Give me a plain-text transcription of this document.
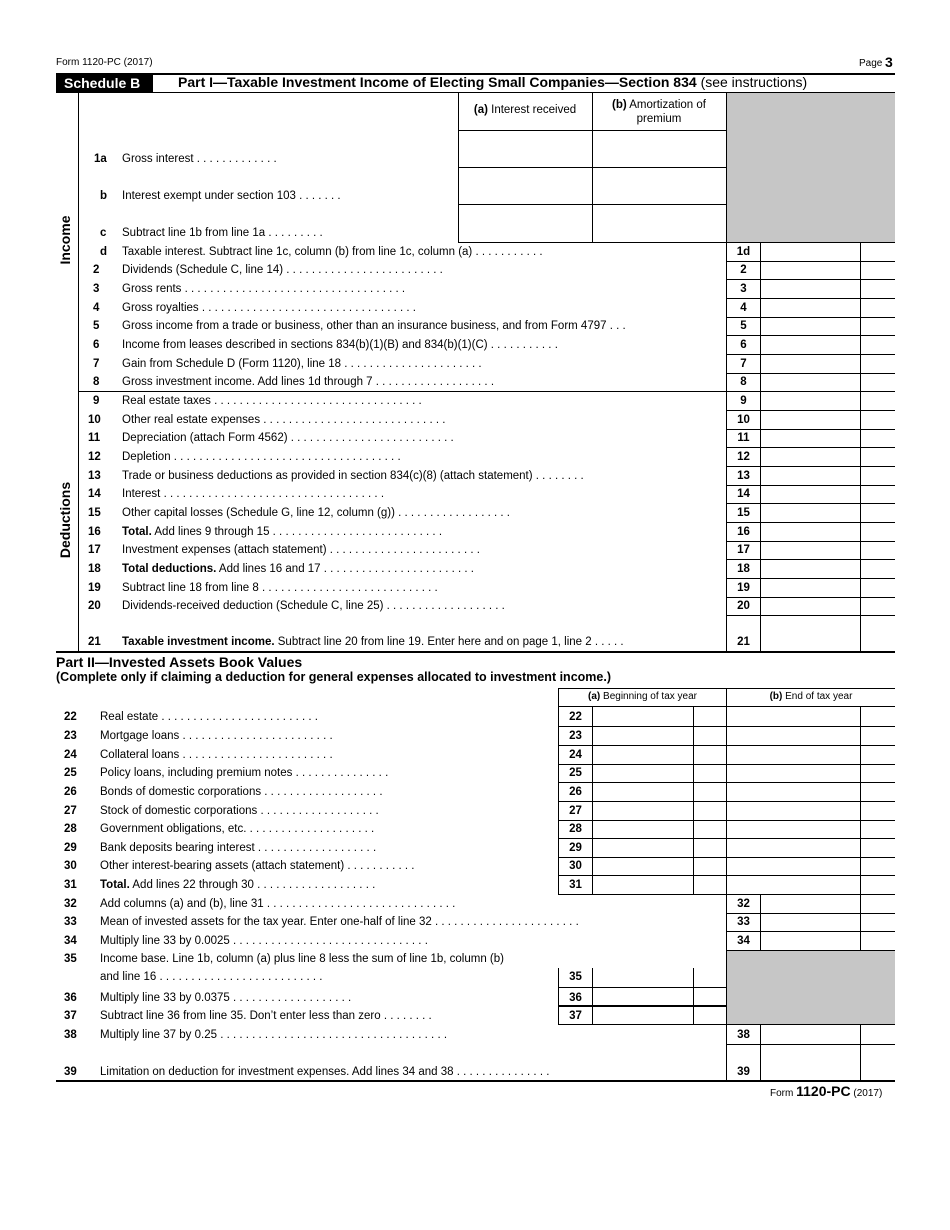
Form 1120-PC (2017)	Page 3
Schedule B	Part I—Taxable Investment Income of Electing Small Companies—Section 834 (see instructions)
(a) Interest received	(b) Amortization of premium
Income
Deductions
1a Gross interest . . . . . . . . . . . . .
b Interest exempt under section 103 . . . . . . .
c Subtract line 1b from line 1a . . . . . . . . .
d Taxable interest. Subtract line 1c, column (b) from line 1c, column (a) . . . . . . . . . . .	1d
2 Dividends (Schedule C, line 14) . . . . . . . . . . . . . . . . . . . . . . . . .	2
3 Gross rents . . . . . . . . . . . . . . . . . . . . . . . . . . . . . . . . . . .	3
4 Gross royalties . . . . . . . . . . . . . . . . . . . . . . . . . . . . . . . . . .	4
5 Gross income from a trade or business, other than an insurance business, and from Form 4797 . . .	5
6 Income from leases described in sections 834(b)(1)(B) and 834(b)(1)(C) . . . . . . . . . . .	6
7 Gain from Schedule D (Form 1120), line 18 . . . . . . . . . . . . . . . . . . . . . .	7
8 Gross investment income. Add lines 1d through 7 . . . . . . . . . . . . . . . . . . .	8
9 Real estate taxes . . . . . . . . . . . . . . . . . . . . . . . . . . . . . . . . .	9
10 Other real estate expenses . . . . . . . . . . . . . . . . . . . . . . . . . . . . .	10
11 Depreciation (attach Form 4562) . . . . . . . . . . . . . . . . . . . . . . . . . .	11
12 Depletion . . . . . . . . . . . . . . . . . . . . . . . . . . . . . . . . . . . .	12
13 Trade or business deductions as provided in section 834(c)(8) (attach statement) . . . . . . . .	13
14 Interest . . . . . . . . . . . . . . . . . . . . . . . . . . . . . . . . . . .	14
15 Other capital losses (Schedule G, line 12, column (g)) . . . . . . . . . . . . . . . . . .	15
16 Total. Add lines 9 through 15 . . . . . . . . . . . . . . . . . . . . . . . . . . .	16
17 Investment expenses (attach statement) . . . . . . . . . . . . . . . . . . . . . . . .	17
18 Total deductions. Add lines 16 and 17 . . . . . . . . . . . . . . . . . . . . . . . .	18
19 Subtract line 18 from line 8 . . . . . . . . . . . . . . . . . . . . . . . . . . . .	19
20 Dividends-received deduction (Schedule C, line 25) . . . . . . . . . . . . . . . . . . .	20
21 Taxable investment income. Subtract line 20 from line 19. Enter here and on page 1, line 2 . . . . .	21
Part II—Invested Assets Book Values
(Complete only if claiming a deduction for general expenses allocated to investment income.)
(a) Beginning of tax year	(b) End of tax year
22 Real estate . . . . . . . . . . . . . . . . . . . . . . . . .	22
23 Mortgage loans . . . . . . . . . . . . . . . . . . . . . . . .	23
24 Collateral loans . . . . . . . . . . . . . . . . . . . . . . . .	24
25 Policy loans, including premium notes . . . . . . . . . . . . . . .	25
26 Bonds of domestic corporations . . . . . . . . . . . . . . . . . . .	26
27 Stock of domestic corporations . . . . . . . . . . . . . . . . . . .	27
28 Government obligations, etc. . . . . . . . . . . . . . . . . . . . .	28
29 Bank deposits bearing interest . . . . . . . . . . . . . . . . . . .	29
30 Other interest-bearing assets (attach statement) . . . . . . . . . . .	30
31 Total. Add lines 22 through 30 . . . . . . . . . . . . . . . . . . .	31
32 Add columns (a) and (b), line 31 . . . . . . . . . . . . . . . . . . . . . . . . . . . . . .	32
33 Mean of invested assets for the tax year. Enter one-half of line 32 . . . . . . . . . . . . . . . . . . . . . . .	33
34 Multiply line 33 by 0.0025 . . . . . . . . . . . . . . . . . . . . . . . . . . . . . . .	34
35 Income base. Line 1b, column (a) plus line 8 less the sum of line 1b, column (b)
and line 16 . . . . . . . . . . . . . . . . . . . . . . . . . .	35
36 Multiply line 33 by 0.0375 . . . . . . . . . . . . . . . . . . .	36
37 Subtract line 36 from line 35. Don’t enter less than zero . . . . . . . .	37
38 Multiply line 37 by 0.25 . . . . . . . . . . . . . . . . . . . . . . . . . . . . . . . . . . . .	38
39 Limitation on deduction for investment expenses. Add lines 34 and 38 . . . . . . . . . . . . . . .	39
Form 1120-PC (2017)
